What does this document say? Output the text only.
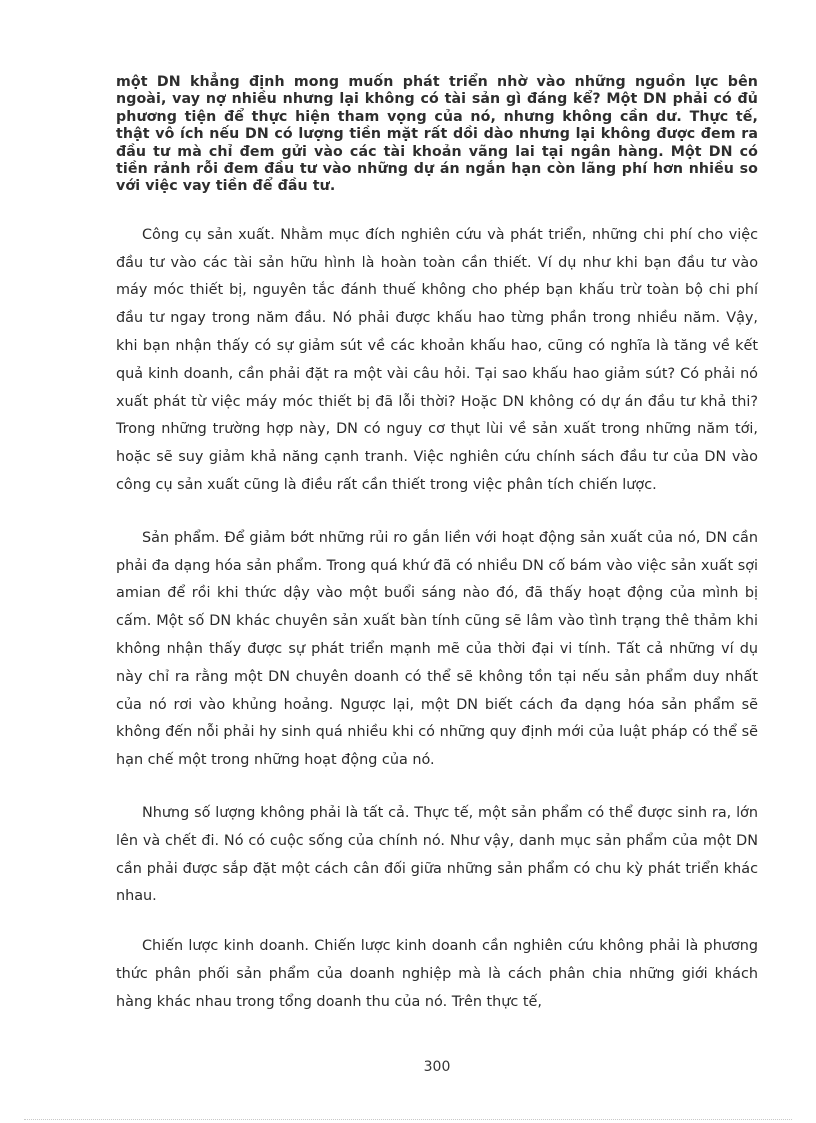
một DN khẳng định mong muốn phát triển nhờ vào những nguồn lực bên ngoài, vay nợ nhiều nhưng lại không có tài sản gì đáng kể? Một DN phải có đủ phương tiện để thực hiện tham vọng của nó, nhưng không cần dư. Thực tế, thật vô ích nếu DN có lượng tiền mặt rất dồi dào nhưng lại không được đem ra đầu tư mà chỉ đem gửi vào các tài khoản vãng lai tại ngân hàng. Một DN có tiền rảnh rỗi đem đầu tư vào những dự án ngắn hạn còn lãng phí hơn nhiều so với việc vay tiền để đầu tư.

Công cụ sản xuất. Nhằm mục đích nghiên cứu và phát triển, những chi phí cho việc đầu tư vào các tài sản hữu hình là hoàn toàn cần thiết. Ví dụ như khi bạn đầu tư vào máy móc thiết bị, nguyên tắc đánh thuế không cho phép bạn khấu trừ toàn bộ chi phí đầu tư ngay trong năm đầu. Nó phải được khấu hao từng phần trong nhiều năm. Vậy, khi bạn nhận thấy có sự giảm sút về các khoản khấu hao, cũng có nghĩa là tăng về kết quả kinh doanh, cần phải đặt ra một vài câu hỏi. Tại sao khấu hao giảm sút? Có phải nó xuất phát từ việc máy móc thiết bị đã lỗi thời? Hoặc DN không có dự án đầu tư khả thi? Trong những trường hợp này, DN có nguy cơ thụt lùi về sản xuất trong những năm tới, hoặc sẽ suy giảm khả năng cạnh tranh. Việc nghiên cứu chính sách đầu tư của DN vào công cụ sản xuất cũng là điều rất cần thiết trong việc phân tích chiến lược.

Sản phẩm. Để giảm bớt những rủi ro gắn liền với hoạt động sản xuất của nó, DN cần phải đa dạng hóa sản phẩm. Trong quá khứ đã có nhiều DN cố bám vào việc sản xuất sợi amian để rồi khi thức dậy vào một buổi sáng nào đó, đã thấy hoạt động của mình bị cấm. Một số DN khác chuyên sản xuất bàn tính cũng sẽ lâm vào tình trạng thê thảm khi không nhận thấy được sự phát triển mạnh mẽ của thời đại vi tính. Tất cả những ví dụ này chỉ ra rằng một DN chuyên doanh có thể sẽ không tồn tại nếu sản phẩm duy nhất của nó rơi vào khủng hoảng. Ngược lại, một DN biết cách đa dạng hóa sản phẩm sẽ không đến nỗi phải hy sinh quá nhiều khi có những quy định mới của luật pháp có thể sẽ hạn chế một trong những hoạt động của nó.

Nhưng số lượng không phải là tất cả. Thực tế, một sản phẩm có thể được sinh ra, lớn lên và chết đi. Nó có cuộc sống của chính nó. Như vậy, danh mục sản phẩm của một DN cần phải được sắp đặt một cách cân đối giữa những sản phẩm có chu kỳ phát triển khác nhau.

Chiến lược kinh doanh. Chiến lược kinh doanh cần nghiên cứu không phải là phương thức phân phối sản phẩm của doanh nghiệp mà là cách phân chia những giới khách hàng khác nhau trong tổng doanh thu của nó. Trên thực tế,

300
